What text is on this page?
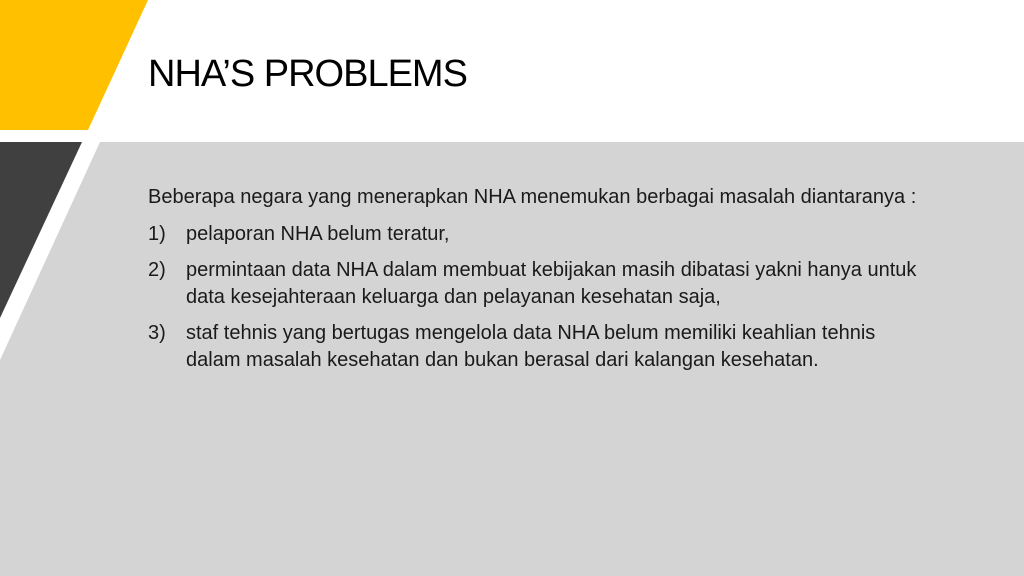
NHA’S PROBLEMS

Beberapa negara yang menerapkan NHA menemukan berbagai masalah diantaranya :

1)	pelaporan NHA belum teratur,
2)	permintaan data NHA dalam membuat kebijakan masih dibatasi yakni hanya untuk data kesejahteraan keluarga dan pelayanan kesehatan saja,
3)	staf tehnis yang bertugas mengelola data NHA belum memiliki keahlian tehnis dalam masalah kesehatan dan bukan berasal dari kalangan kesehatan.
